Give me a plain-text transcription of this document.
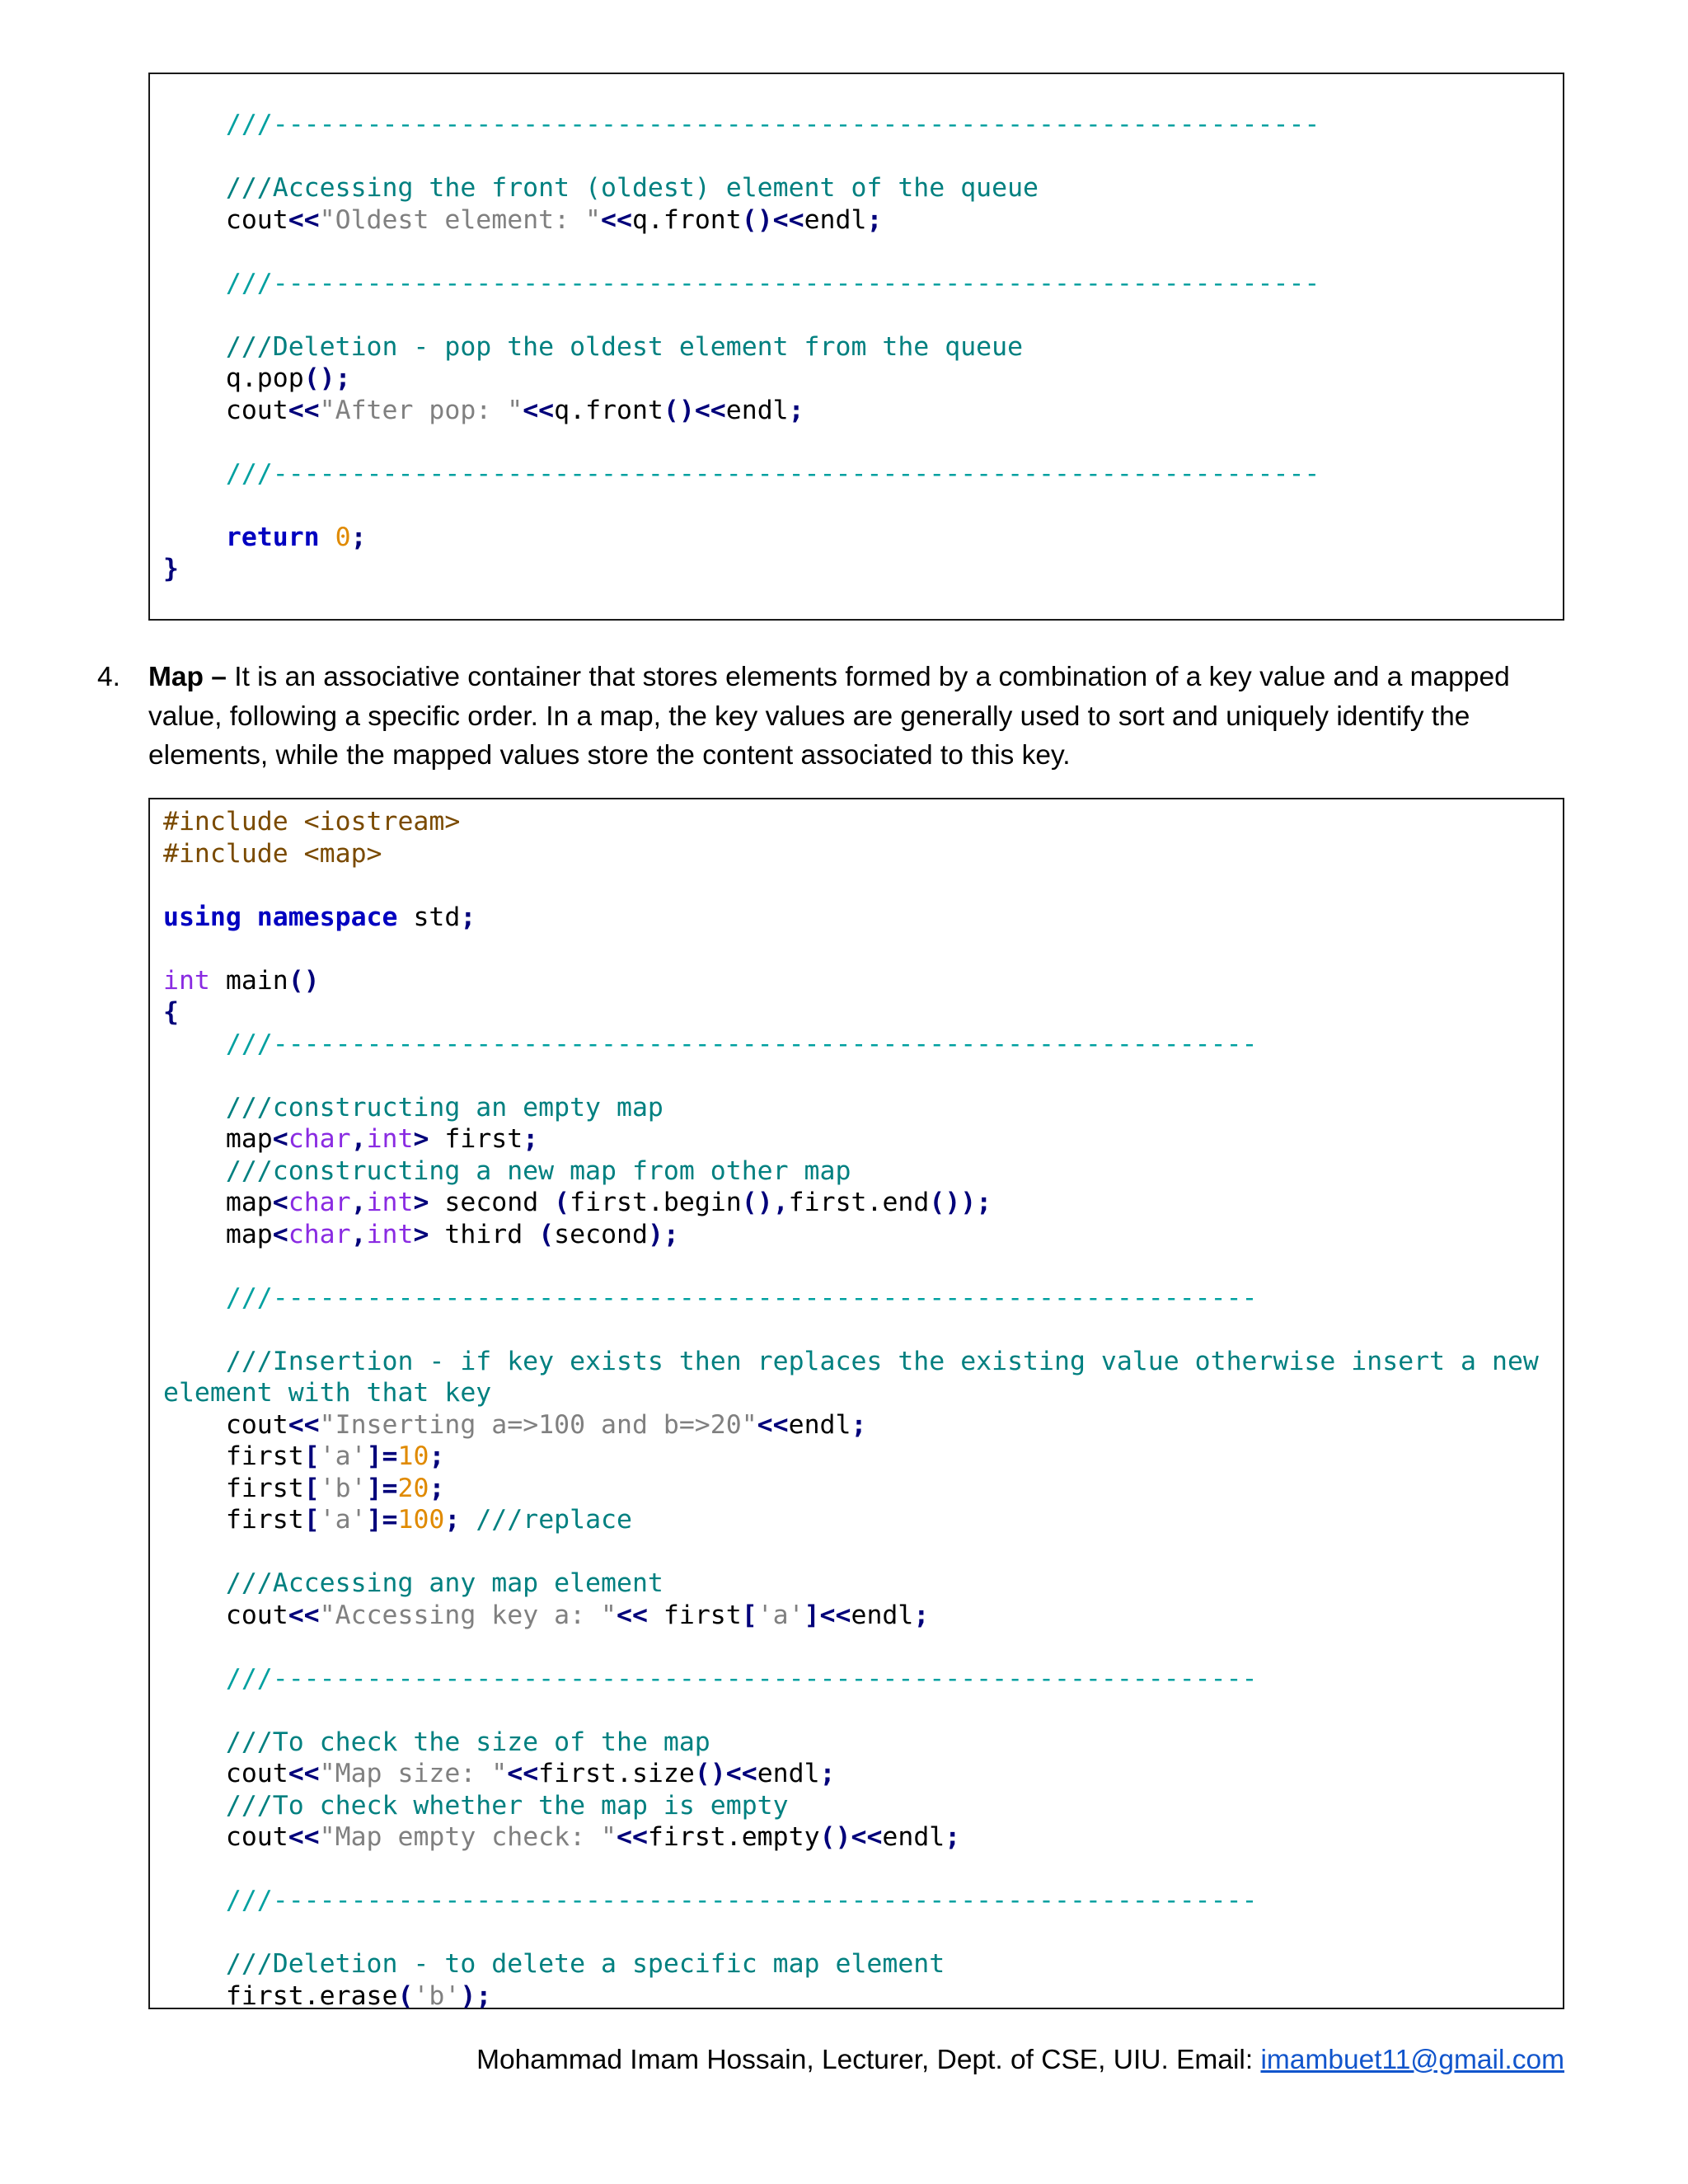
///-------------------------------------------------------------------

///Accessing the front (oldest) element of the queue
cout<<"Oldest element: "<<q.front()<<endl;

///-------------------------------------------------------------------

///Deletion - pop the oldest element from the queue
q.pop();
cout<<"After pop: "<<q.front()<<endl;

///-------------------------------------------------------------------

return 0;
}
4. Map – It is an associative container that stores elements formed by a combination of a key value and a mapped value, following a specific order. In a map, the key values are generally used to sort and uniquely identify the elements, while the mapped values store the content associated to this key.
#include <iostream>
#include <map>

using namespace std;

int main()
{
///---------------------------------------------------------------

///constructing an empty map
map<char,int> first;
///constructing a new map from other map
map<char,int> second (first.begin(),first.end());
map<char,int> third (second);

///---------------------------------------------------------------

///Insertion - if key exists then replaces the existing value otherwise insert a new
element with that key
cout<<"Inserting a=>100 and b=>20"<<endl;
first['a']=10;
first['b']=20;
first['a']=100; ///replace

///Accessing any map element
cout<<"Accessing key a: "<< first['a']<<endl;

///---------------------------------------------------------------

///To check the size of the map
cout<<"Map size: "<<first.size()<<endl;
///To check whether the map is empty
cout<<"Map empty check: "<<first.empty()<<endl;

///---------------------------------------------------------------

///Deletion - to delete a specific map element
first.erase('b');
Mohammad Imam Hossain, Lecturer, Dept. of CSE, UIU. Email: imambuet11@gmail.com
